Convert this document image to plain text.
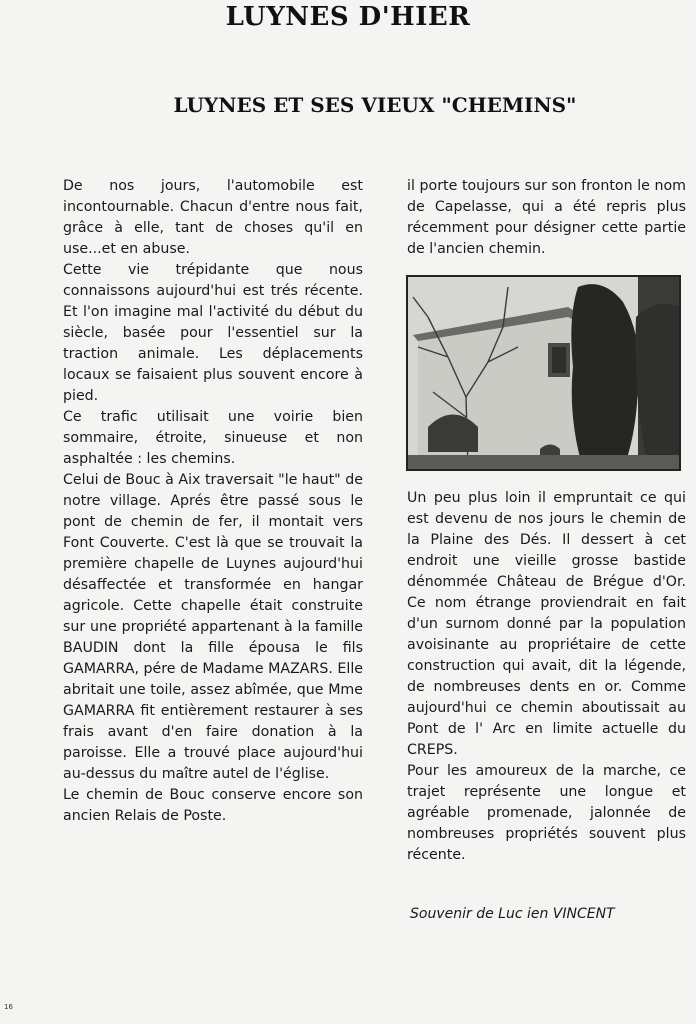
LUYNES D'HIER
LUYNES ET SES VIEUX "CHEMINS"

De nos jours, l'automobile est incontournable. Chacun d'entre nous fait, grâce à elle, tant de choses qu'il en use...et en abuse.

Cette vie trépidante que nous connaissons aujourd'hui est trés récente. Et l'on imagine mal l'activité du début du siècle, basée pour l'essentiel sur la traction animale. Les déplacements locaux se faisaient plus souvent encore à pied.

Ce trafic utilisait une voirie bien sommaire, étroite, sinueuse et non asphaltée : les chemins.

Celui de Bouc à Aix traversait "le haut" de notre village. Aprés être passé sous le pont de chemin de fer, il montait vers Font Couverte. C'est là que se trouvait la première chapelle de Luynes aujourd'hui désaffectée et transformée en hangar agricole. Cette chapelle était construite sur une propriété appartenant à la famille BAUDIN dont la fille épousa le fils GAMARRA, pére de Madame MAZARS. Elle abritait une toile, assez abîmée, que Mme GAMARRA fit entièrement restaurer à ses frais avant d'en faire donation à la paroisse. Elle a trouvé place aujourd'hui au-dessus du maître autel de l'église.

Le chemin de Bouc conserve encore son ancien Relais de Poste.

il porte toujours sur son fronton le nom de Capelasse, qui a été repris plus récemment pour désigner cette partie de l'ancien chemin.

Un peu plus loin il empruntait ce qui est devenu de nos jours le chemin de la Plaine des Dés. Il dessert à cet endroit une vieille grosse bastide dénommée Château de Brégue d'Or. Ce nom étrange proviendrait en fait d'un surnom donné par la population avoisinante au propriétaire de cette construction qui avait, dit la légende, de nombreuses dents en or. Comme aujourd'hui ce chemin aboutissait au Pont de l' Arc en limite actuelle du CREPS.

Pour les amoureux de la marche, ce trajet représente une longue et agréable promenade, jalonnée de nombreuses propriétés souvent plus récente.

Souvenir de Luc ien VINCENT
16
